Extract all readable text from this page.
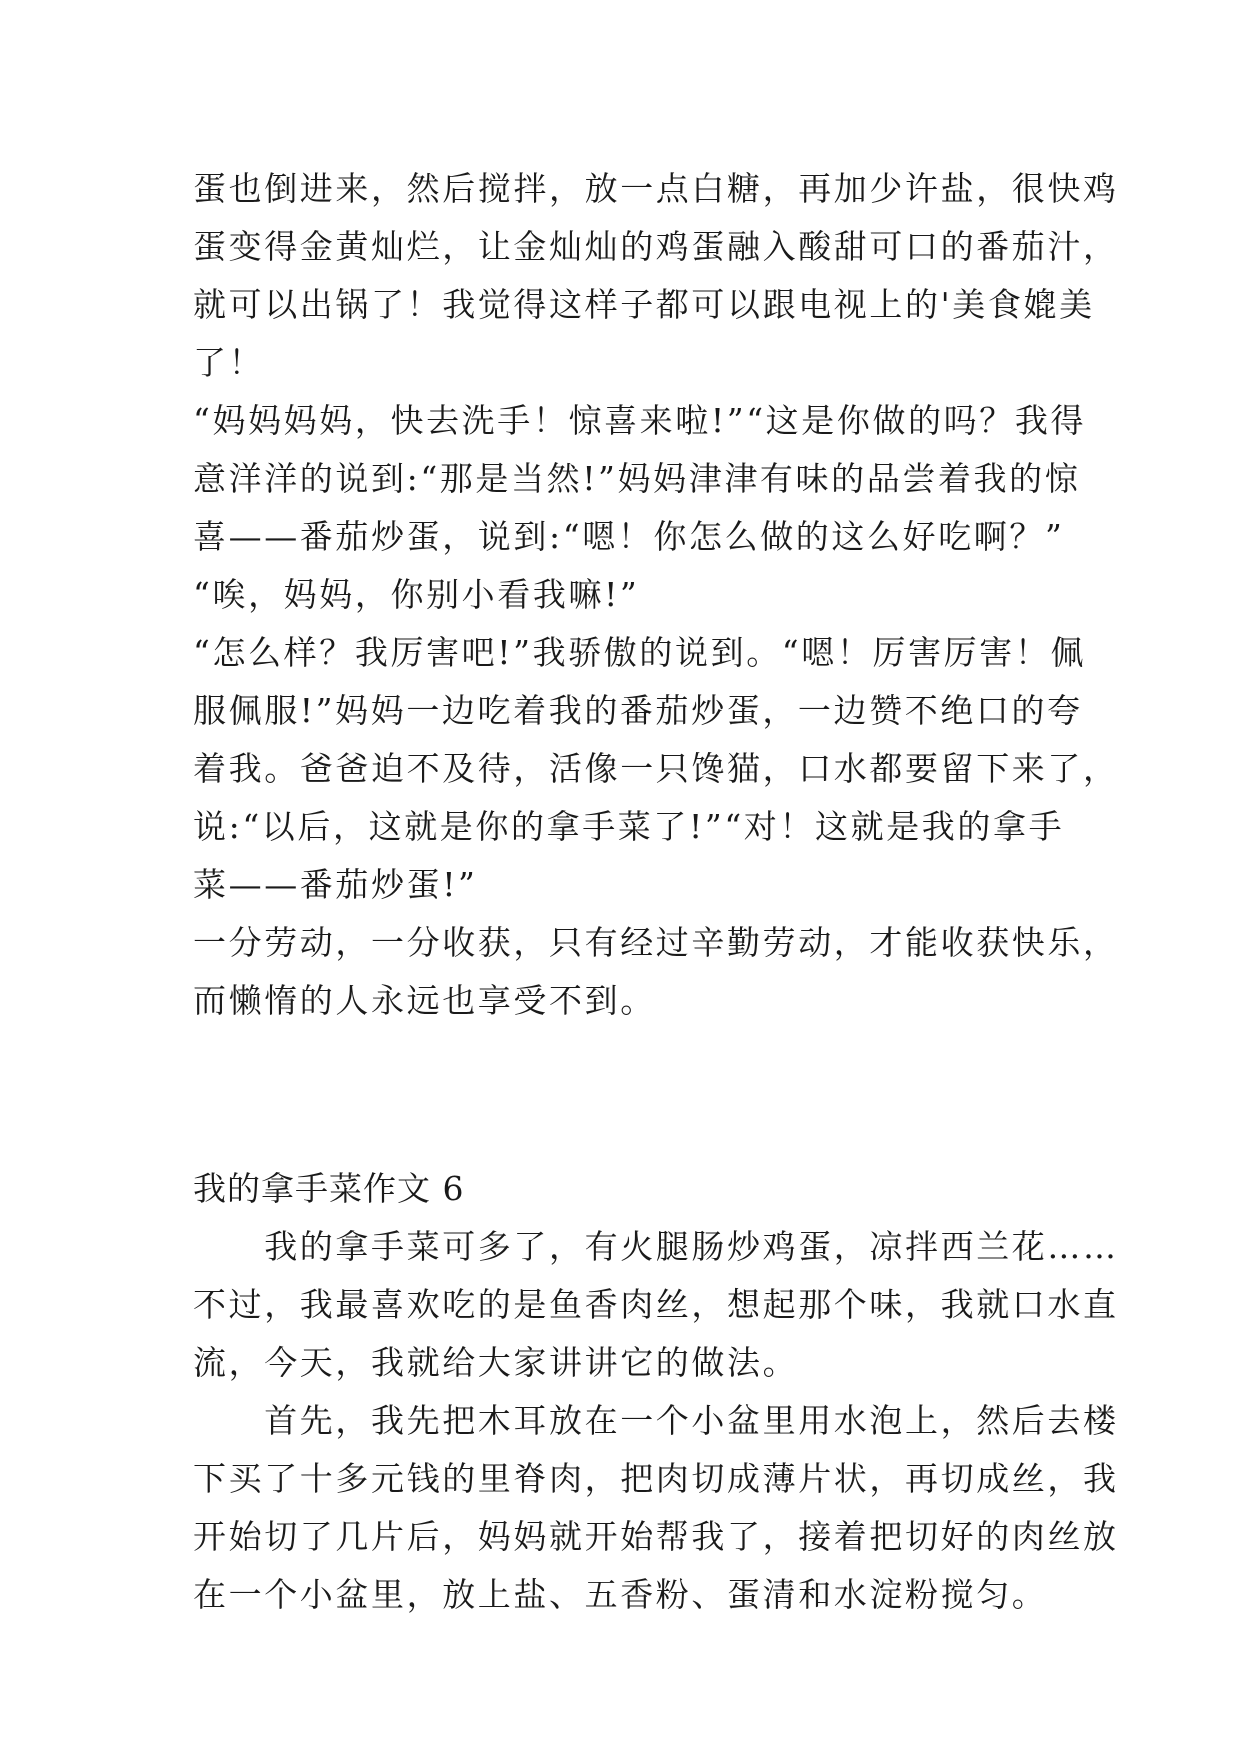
蛋也倒进来，然后搅拌，放一点白糖，再加少许盐，很快鸡
蛋变得金黄灿烂，让金灿灿的鸡蛋融入酸甜可口的番茄汁，
就可以出锅了！我觉得这样子都可以跟电视上的'美食媲美
了！
“妈妈妈妈，快去洗手！惊喜来啦!”“这是你做的吗？我得
意洋洋的说到:“那是当然!”妈妈津津有味的品尝着我的惊
喜——番茄炒蛋，说到:“嗯！你怎么做的这么好吃啊？”
“唉，妈妈，你别小看我嘛!”
“怎么样？我厉害吧!”我骄傲的说到。“嗯！厉害厉害！佩
服佩服!”妈妈一边吃着我的番茄炒蛋，一边赞不绝口的夸
着我。爸爸迫不及待，活像一只馋猫，口水都要留下来了，
说:“以后，这就是你的拿手菜了!”“对！这就是我的拿手
菜——番茄炒蛋!”
一分劳动，一分收获，只有经过辛勤劳动，才能收获快乐，
而懒惰的人永远也享受不到。
我的拿手菜作文 6
　　我的拿手菜可多了，有火腿肠炒鸡蛋，凉拌西兰花……
不过，我最喜欢吃的是鱼香肉丝，想起那个味，我就口水直
流，今天，我就给大家讲讲它的做法。
　　首先，我先把木耳放在一个小盆里用水泡上，然后去楼
下买了十多元钱的里脊肉，把肉切成薄片状，再切成丝，我
开始切了几片后，妈妈就开始帮我了，接着把切好的肉丝放
在一个小盆里，放上盐、五香粉、蛋清和水淀粉搅匀。
